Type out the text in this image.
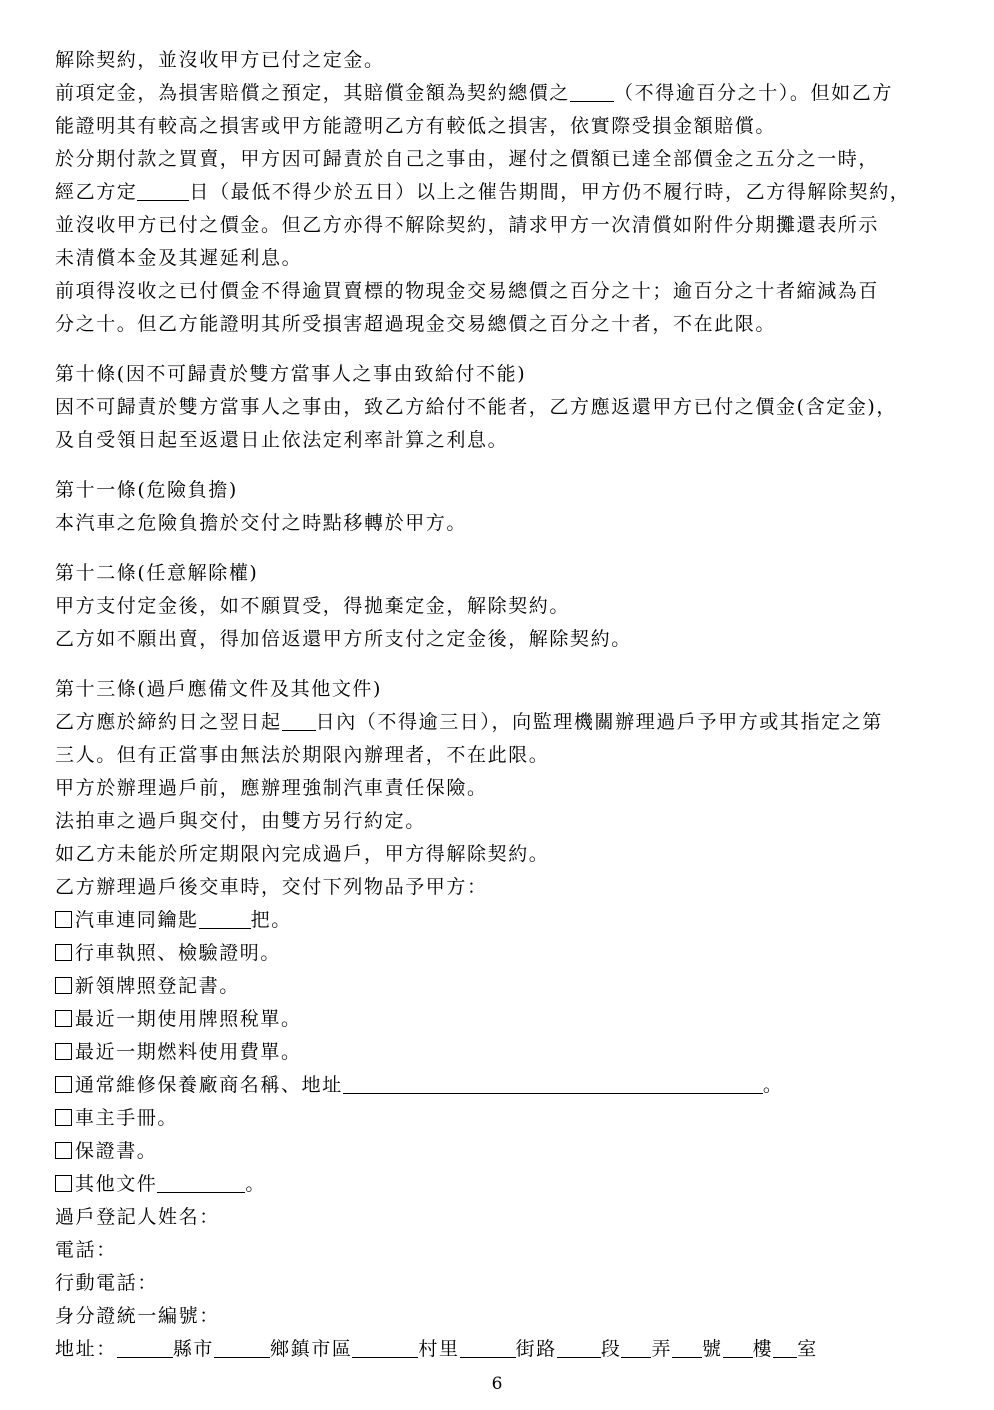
解除契約，並沒收甲方已付之定金。
前項定金，為損害賠償之預定，其賠償金額為契約總價之 （不得逾百分之十）。但如乙方
能證明其有較高之損害或甲方能證明乙方有較低之損害，依實際受損金額賠償。
於分期付款之買賣，甲方因可歸責於自己之事由，遲付之價額已達全部價金之五分之一時，
經乙方定	日（最低不得少於五日）以上之催告期間，甲方仍不履行時，乙方得解除契約，
並沒收甲方已付之價金。但乙方亦得不解除契約，請求甲方一次清償如附件分期攤還表所示
未清償本金及其遲延利息。
前項得沒收之已付價金不得逾買賣標的物現金交易總價之百分之十；逾百分之十者縮減為百
分之十。但乙方能證明其所受損害超過現金交易總價之百分之十者，不在此限。
第十條(因不可歸責於雙方當事人之事由致給付不能)
因不可歸責於雙方當事人之事由，致乙方給付不能者，乙方應返還甲方已付之價金(含定金)，
及自受領日起至返還日止依法定利率計算之利息。
第十一條(危險負擔)
本汽車之危險負擔於交付之時點移轉於甲方。
第十二條(任意解除權)
甲方支付定金後，如不願買受，得拋棄定金，解除契約。
乙方如不願出賣，得加倍返還甲方所支付之定金後，解除契約。
第十三條(過戶應備文件及其他文件)
乙方應於締約日之翌日起 日內（不得逾三日），向監理機關辦理過戶予甲方或其指定之第
三人。但有正當事由無法於期限內辦理者，不在此限。
甲方於辦理過戶前，應辦理強制汽車責任保險。
法拍車之過戶與交付，由雙方另行約定。
如乙方未能於所定期限內完成過戶，甲方得解除契約。
乙方辦理過戶後交車時，交付下列物品予甲方：
汽車連同鑰匙	把。
行車執照、檢驗證明。
新領牌照登記書。
最近一期使用牌照稅單。
最近一期燃料使用費單。
通常維修保養廠商名稱、地址	。
車主手冊。
保證書。
其他文件	。
過戶登記人姓名：
電話：
行動電話：
身分證統一編號：
地址：	縣市	鄉鎮市區	村里	街路 段 弄 號 樓 室
6
